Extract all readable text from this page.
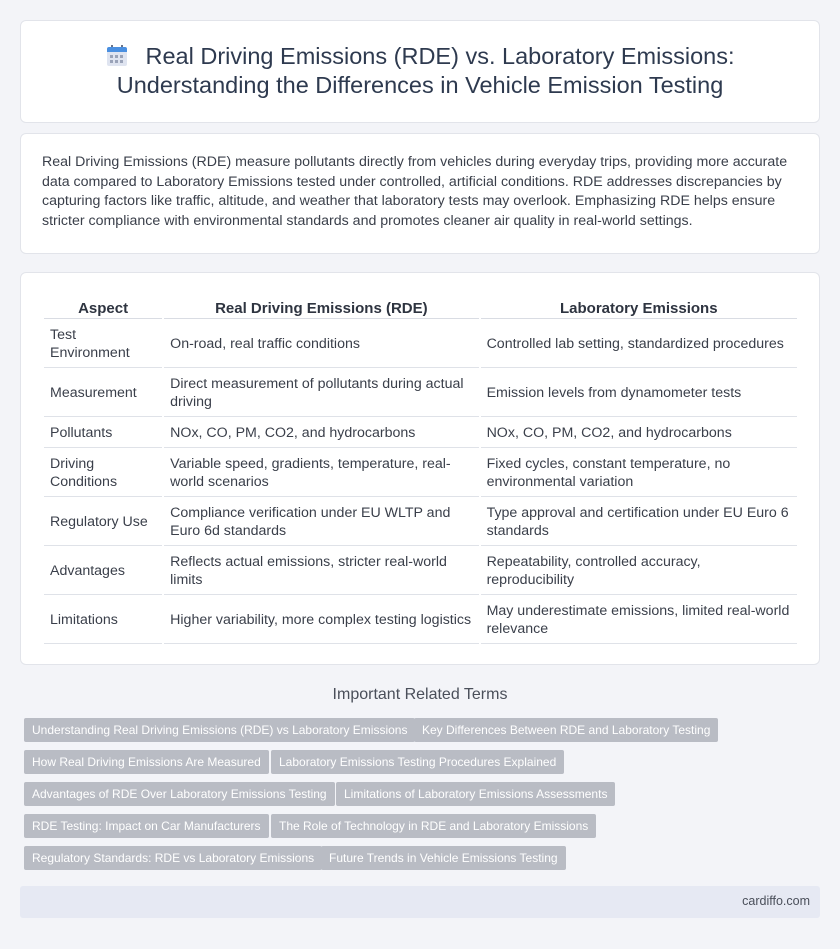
Real Driving Emissions (RDE) vs. Laboratory Emissions:
Understanding the Differences in Vehicle Emission Testing

Real Driving Emissions (RDE) measure pollutants directly from vehicles during everyday trips, providing more accurate data compared to Laboratory Emissions tested under controlled, artificial conditions. RDE addresses discrepancies by capturing factors like traffic, altitude, and weather that laboratory tests may overlook. Emphasizing RDE helps ensure stricter compliance with environmental standards and promotes cleaner air quality in real-world settings.

Aspect	Real Driving Emissions (RDE)	Laboratory Emissions
Test Environment	On-road, real traffic conditions	Controlled lab setting, standardized procedures
Measurement	Direct measurement of pollutants during actual driving	Emission levels from dynamometer tests
Pollutants	NOx, CO, PM, CO2, and hydrocarbons	NOx, CO, PM, CO2, and hydrocarbons
Driving Conditions	Variable speed, gradients, temperature, real-world scenarios	Fixed cycles, constant temperature, no environmental variation
Regulatory Use	Compliance verification under EU WLTP and Euro 6d standards	Type approval and certification under EU Euro 6 standards
Advantages	Reflects actual emissions, stricter real-world limits	Repeatability, controlled accuracy, reproducibility
Limitations	Higher variability, more complex testing logistics	May underestimate emissions, limited real-world relevance
Important Related Terms
Understanding Real Driving Emissions (RDE) vs Laboratory Emissions	Key Differences Between RDE and Laboratory Testing
How Real Driving Emissions Are Measured	Laboratory Emissions Testing Procedures Explained
Advantages of RDE Over Laboratory Emissions Testing	Limitations of Laboratory Emissions Assessments
RDE Testing: Impact on Car Manufacturers	The Role of Technology in RDE and Laboratory Emissions
Regulatory Standards: RDE vs Laboratory Emissions	Future Trends in Vehicle Emissions Testing
cardiffo.com
